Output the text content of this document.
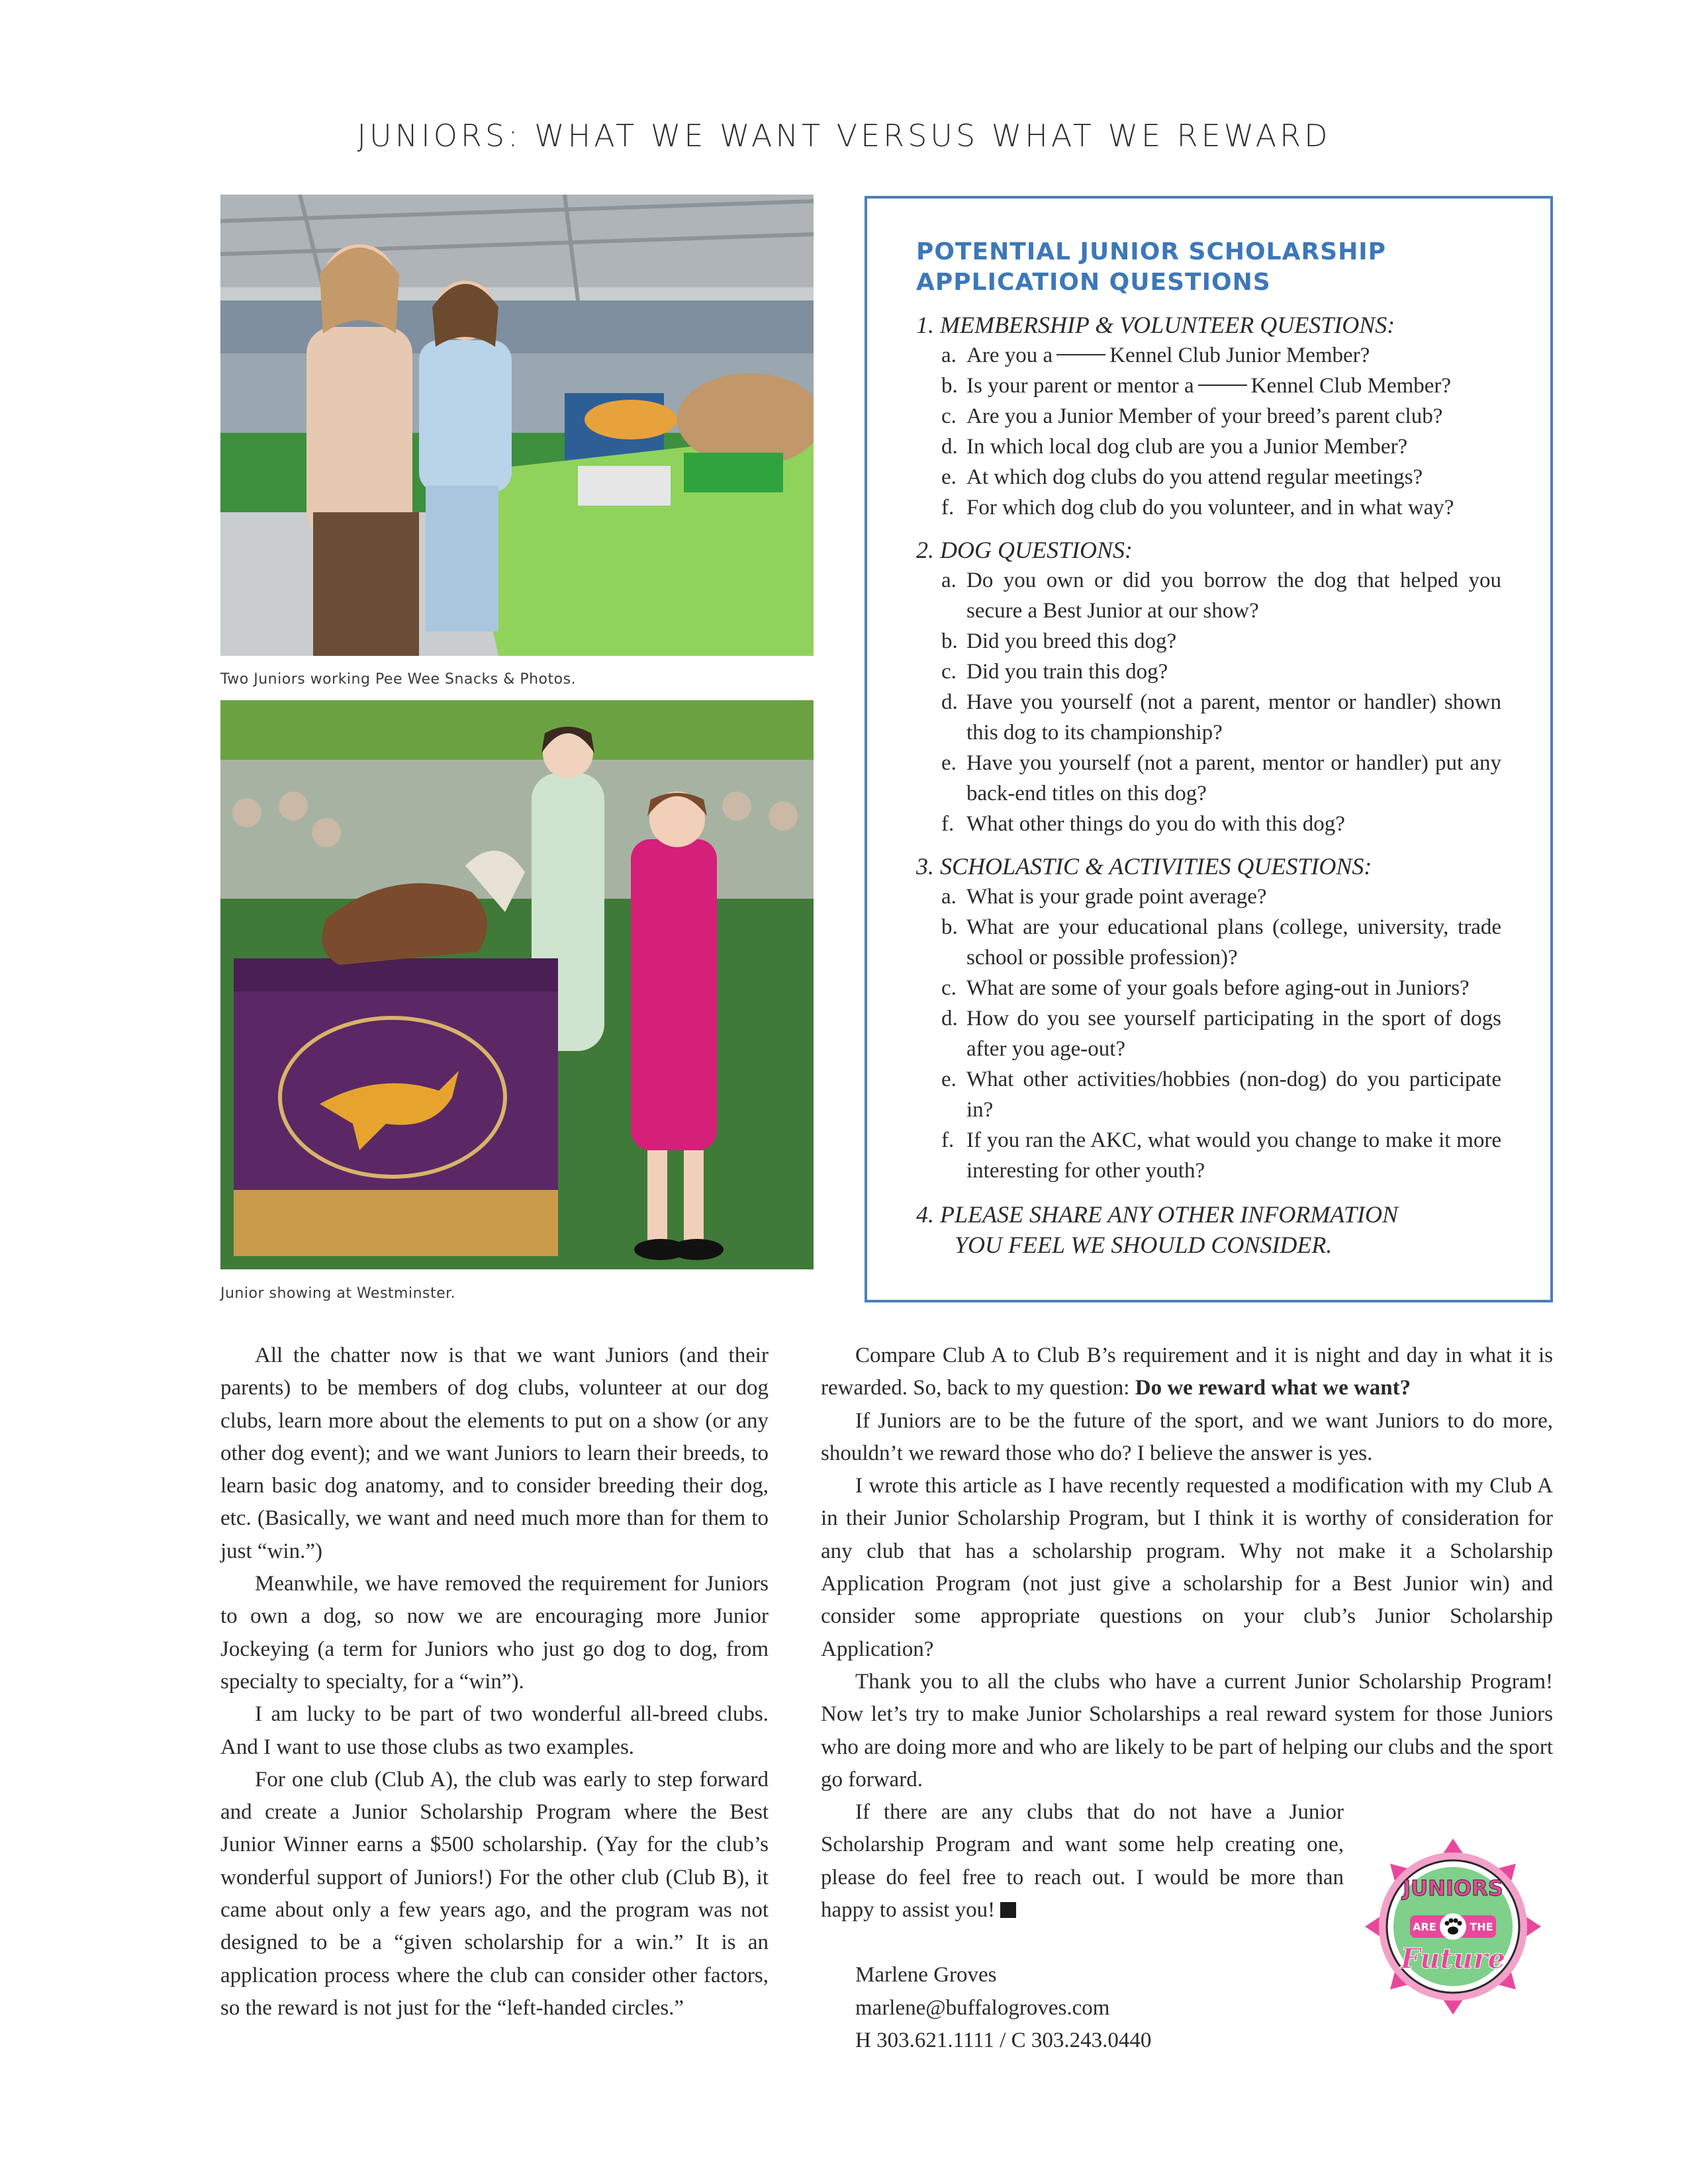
JUNIORS: WHAT WE WANT VERSUS WHAT WE REWARD
Two Juniors working Pee Wee Snacks & Photos.
Junior showing at Westminster.
POTENTIAL JUNIOR SCHOLARSHIP APPLICATION QUESTIONS
1. MEMBERSHIP & VOLUNTEER QUESTIONS:
a. Are you a	Kennel Club Junior Member?
b. Is your parent or mentor a	Kennel Club Member?
c. Are you a Junior Member of your breed’s parent club?
d. In which local dog club are you a Junior Member?
e. At which dog clubs do you attend regular meetings?
f. For which dog club do you volunteer, and in what way?
2. DOG QUESTIONS:
a. Do you own or did you borrow the dog that helped you secure a Best Junior at our show?
b. Did you breed this dog?
c. Did you train this dog?
d. Have you yourself (not a parent, mentor or handler) shown this dog to its championship?
e. Have you yourself (not a parent, mentor or handler) put any back-end titles on this dog?
f. What other things do you do with this dog?
3. SCHOLASTIC & ACTIVITIES QUESTIONS:
a. What is your grade point average?
b. What are your educational plans (college, university, trade school or possible profession)?
c. What are some of your goals before aging-out in Juniors?
d. How do you see yourself participating in the sport of dogs after you age-out?
e. What other activities/hobbies (non-dog) do you participate in?
f. If you ran the AKC, what would you change to make it more interesting for other youth?
4. PLEASE SHARE ANY OTHER INFORMATION
YOU FEEL WE SHOULD CONSIDER.

All the chatter now is that we want Juniors (and their parents) to be members of dog clubs, volunteer at our dog clubs, learn more about the elements to put on a show (or any other dog event); and we want Juniors to learn their breeds, to learn basic dog anatomy, and to consider breeding their dog, etc. (Basically, we want and need much more than for them to just “win.”)

Meanwhile, we have removed the requirement for Juniors to own a dog, so now we are encouraging more Junior Jockeying (a term for Juniors who just go dog to dog, from specialty to specialty, for a “win”).

I am lucky to be part of two wonderful all-breed clubs. And I want to use those clubs as two examples.

For one club (Club A), the club was early to step forward and create a Junior Scholarship Program where the Best Junior Winner earns a $500 scholarship. (Yay for the club’s wonderful support of Juniors!) For the other club (Club B), it came about only a few years ago, and the program was not designed to be a “given scholarship for a win.” It is an application process where the club can consider other factors, so the reward is not just for the “left-handed circles.”

Compare Club A to Club B’s requirement and it is night and day in what it is rewarded. So, back to my question: Do we reward what we want?

If Juniors are to be the future of the sport, and we want Juniors to do more, shouldn’t we reward those who do? I believe the answer is yes.

I wrote this article as I have recently requested a modification with my Club A in their Junior Scholarship Program, but I think it is worthy of consideration for any club that has a scholarship program. Why not make it a Scholarship Application Program (not just give a scholarship for a Best Junior win) and consider some appropriate questions on your club’s Junior Scholarship Application?

Thank you to all the clubs who have a current Junior Scholarship Program! Now let’s try to make Junior Scholarships a real reward system for those Juniors who are doing more and who are likely to be part of helping our clubs and the sport go forward.

If there are any clubs that do not have a Junior Scholarship Program and want some help creating one, please do feel free to reach out. I would be more than happy to assist you!

Marlene Groves
marlene@buffalogroves.com
H 303.621.1111 / C 303.243.0440
JUNIORS
ARE	THE
Future
